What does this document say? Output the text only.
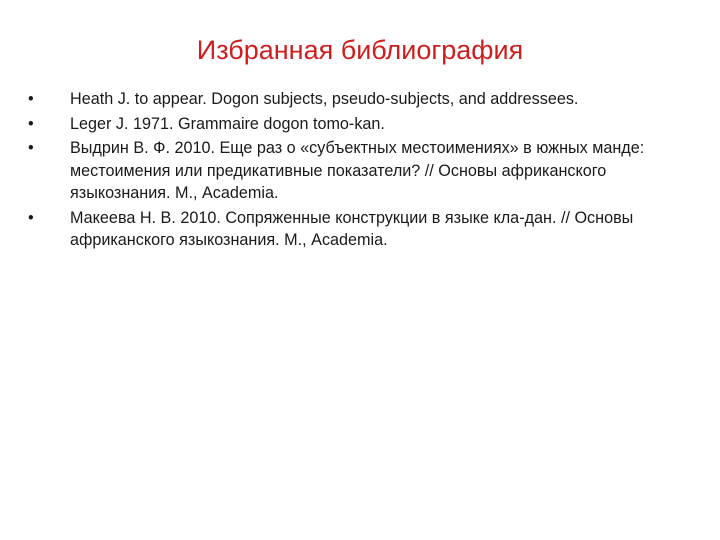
Избранная библиография
•	Heath J. to appear. Dogon subjects, pseudo-subjects, and addressees.
•	Leger J. 1971. Grammaire dogon tomo-kan.
•	Выдрин В. Ф. 2010. Еще раз о «субъектных местоимениях» в южных манде: местоимения или предикативные показатели? // Основы африканского языкознания. М., Academia.
•	Макеева Н. В. 2010. Сопряженные конструкции в языке кла-дан. // Основы африканского языкознания. М., Academia.
